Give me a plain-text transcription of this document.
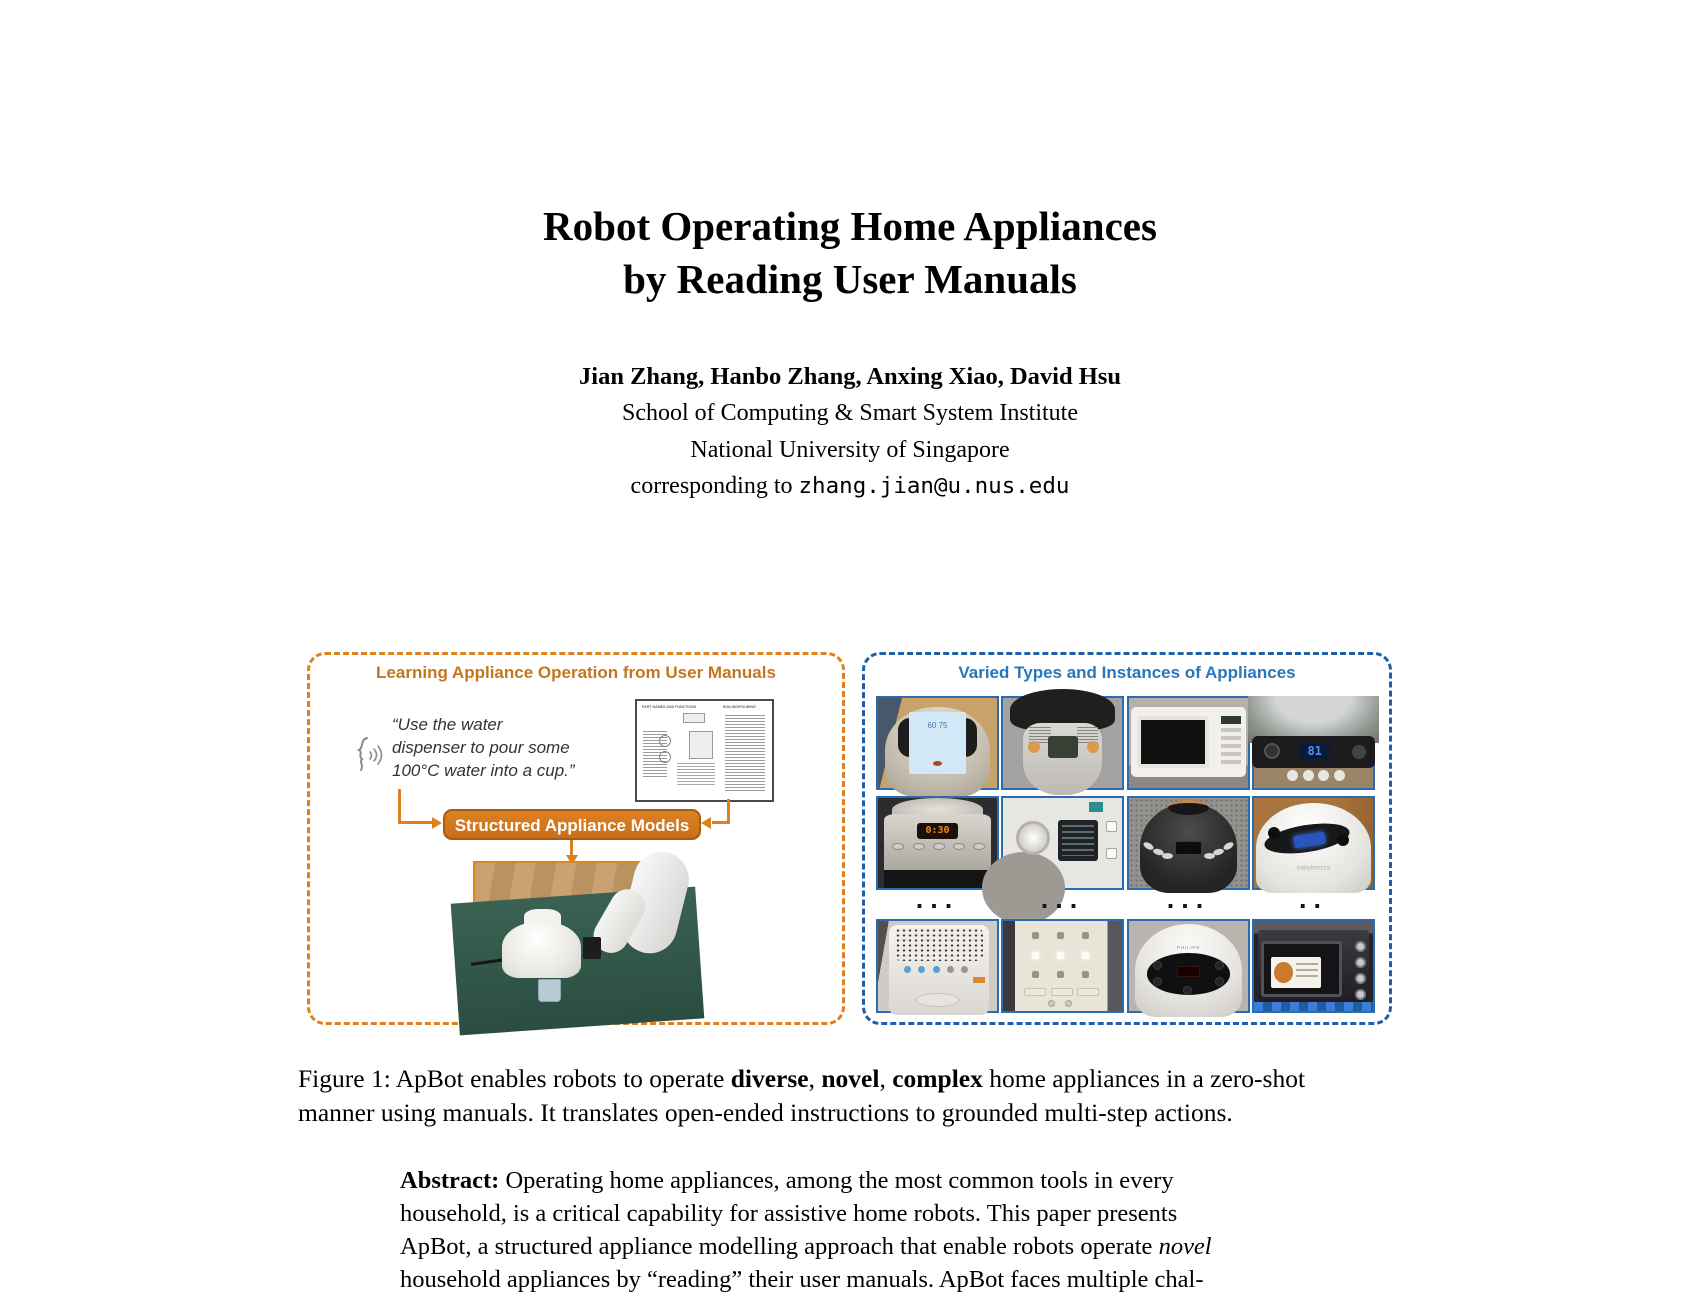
Robot Operating Home Appliances
by Reading User Manuals
Jian Zhang, Hanbo Zhang, Anxing Xiao, David Hsu
School of Computing & Smart System Institute
National University of Singapore
corresponding to zhang.jian@u.nus.edu
Learning Appliance Operation from User Manuals
“Use the water
dispenser to pour some
100°C water into a cup.”
PART NAMES AND FUNCTIONS	BOILING/POURING
Structured Appliance Models
Varied Types and Instances of Appliances
60 75
81
0:30
babybrezza
...	...	...	..
PHILIPS
Figure 1: ApBot enables robots to operate diverse, novel, complex home appliances in a zero-shot
manner using manuals. It translates open-ended instructions to grounded multi-step actions.
Abstract: Operating home appliances, among the most common tools in every
household, is a critical capability for assistive home robots. This paper presents
ApBot, a structured appliance modelling approach that enable robots operate novel
household appliances by “reading” their user manuals. ApBot faces multiple chal-
